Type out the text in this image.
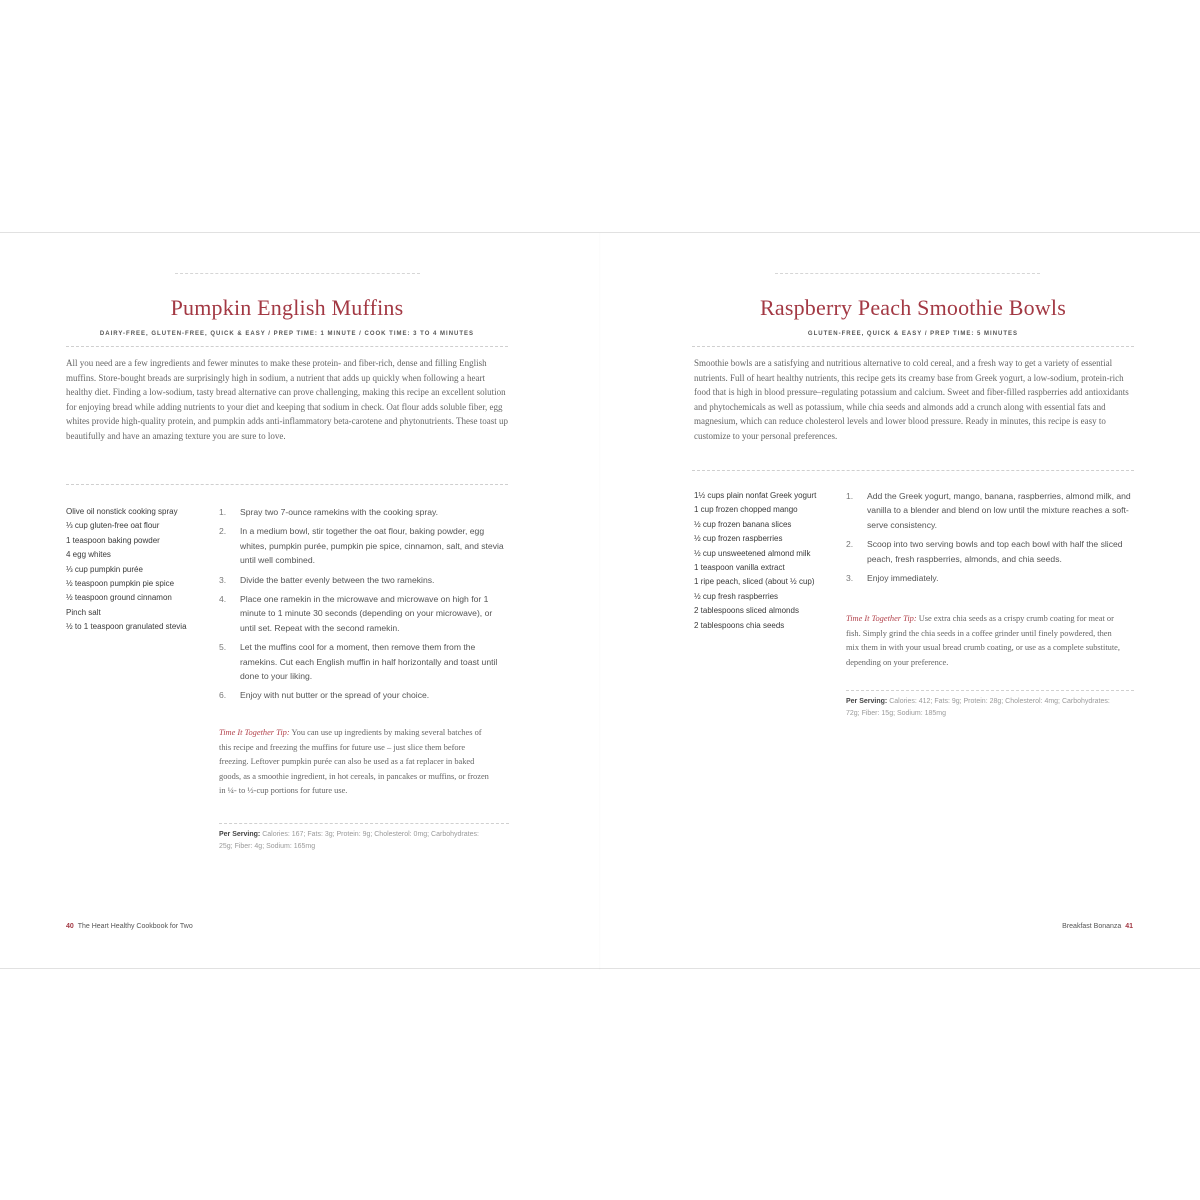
Pumpkin English Muffins
DAIRY-FREE, GLUTEN-FREE, QUICK & EASY / PREP TIME: 1 MINUTE / COOK TIME: 3 TO 4 MINUTES

All you need are a few ingredients and fewer minutes to make these protein- and fiber-rich, dense and filling English muffins. Store-bought breads are surprisingly high in sodium, a nutrient that adds up quickly when following a heart healthy diet. Finding a low-sodium, tasty bread alternative can prove challenging, making this recipe an excellent solution for enjoying bread while adding nutrients to your diet and keeping that sodium in check. Oat flour adds soluble fiber, egg whites provide high-quality protein, and pumpkin adds anti-inflammatory beta-carotene and phytonutrients. These toast up beautifully and have an amazing texture you are sure to love.

Olive oil nonstick cooking spray
⅓ cup gluten-free oat flour
1 teaspoon baking powder
4 egg whites
⅓ cup pumpkin purée
½ teaspoon pumpkin pie spice
½ teaspoon ground cinnamon
Pinch salt
½ to 1 teaspoon granulated stevia
1. Spray two 7-ounce ramekins with the cooking spray.
2. In a medium bowl, stir together the oat flour, baking powder, egg whites, pumpkin purée, pumpkin pie spice, cinnamon, salt, and stevia until well combined.
3. Divide the batter evenly between the two ramekins.
4. Place one ramekin in the microwave and microwave on high for 1 minute to 1 minute 30 seconds (depending on your microwave), or until set. Repeat with the second ramekin.
5. Let the muffins cool for a moment, then remove them from the ramekins. Cut each English muffin in half horizontally and toast until done to your liking.
6. Enjoy with nut butter or the spread of your choice.

Time It Together Tip: You can use up ingredients by making several batches of this recipe and freezing the muffins for future use – just slice them before freezing. Leftover pumpkin purée can also be used as a fat replacer in baked goods, as a smoothie ingredient, in hot cereals, in pancakes or muffins, or frozen in ¼- to ½-cup portions for future use.

Per Serving: Calories: 167; Fats: 3g; Protein: 9g; Cholesterol: 0mg; Carbohydrates: 25g; Fiber: 4g; Sodium: 165mg

40 The Heart Healthy Cookbook for Two
Raspberry Peach Smoothie Bowls
GLUTEN-FREE, QUICK & EASY / PREP TIME: 5 MINUTES

Smoothie bowls are a satisfying and nutritious alternative to cold cereal, and a fresh way to get a variety of essential nutrients. Full of heart healthy nutrients, this recipe gets its creamy base from Greek yogurt, a low-sodium, protein-rich food that is high in blood pressure–regulating potassium and calcium. Sweet and fiber-filled raspberries add antioxidants and phytochemicals as well as potassium, while chia seeds and almonds add a crunch along with essential fats and magnesium, which can reduce cholesterol levels and lower blood pressure. Ready in minutes, this recipe is easy to customize to your personal preferences.

1½ cups plain nonfat Greek yogurt
1 cup frozen chopped mango
½ cup frozen banana slices
½ cup frozen raspberries
½ cup unsweetened almond milk
1 teaspoon vanilla extract
1 ripe peach, sliced (about ½ cup)
½ cup fresh raspberries
2 tablespoons sliced almonds
2 tablespoons chia seeds
1. Add the Greek yogurt, mango, banana, raspberries, almond milk, and vanilla to a blender and blend on low until the mixture reaches a soft-serve consistency.
2. Scoop into two serving bowls and top each bowl with half the sliced peach, fresh raspberries, almonds, and chia seeds.
3. Enjoy immediately.

Time It Together Tip: Use extra chia seeds as a crispy crumb coating for meat or fish. Simply grind the chia seeds in a coffee grinder until finely powdered, then mix them in with your usual bread crumb coating, or use as a complete substitute, depending on your preference.

Per Serving: Calories: 412; Fats: 9g; Protein: 28g; Cholesterol: 4mg; Carbohydrates: 72g; Fiber: 15g; Sodium: 185mg

Breakfast Bonanza 41
